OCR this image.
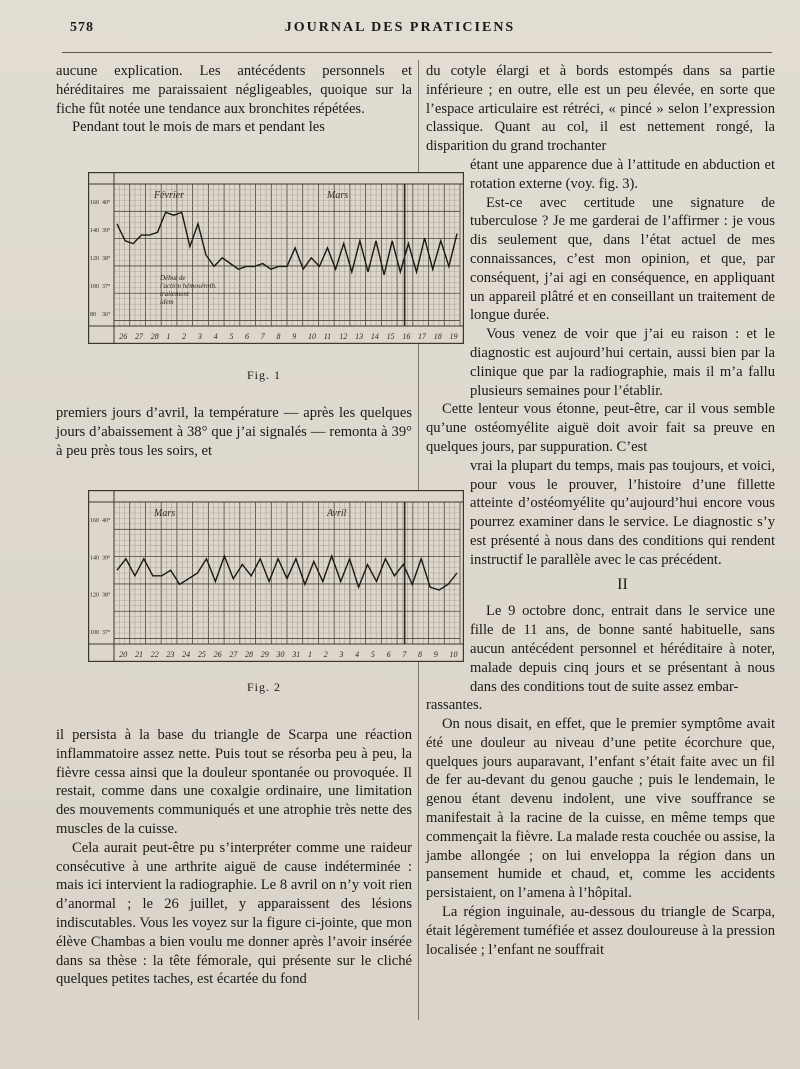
578	JOURNAL DES PRATICIENS

aucune explication. Les antécédents personnels et héréditaires me paraissaient négligeables, quoique sur la fiche fût notée une tendance aux bronchites répétées.

Pendant tout le mois de mars et pendant les

160
140
120
100
80
40°
39°
38°
37°
36°
26 27 28 1 2 3 4 5 6 7 8 9 10 11 12 13 14 15 16 17 18 19
Février	Mars
Début de
l'action hémoséroth.
traitement
idem
Fig. 1

premiers jours d’avril, la température — après les quelques jours d’abaissement à 38° que j’ai signalés — remonta à 39° à peu près tous les soirs, et

160
140
120
100
40°
39°
38°
37°
20 21 22 23 24 25 26 27 28 29 30 31 1 2 3 4 5 6 7 8 9 10
Mars	Avril
Fig. 2

il persista à la base du triangle de Scarpa une réaction inflammatoire assez nette. Puis tout se résorba peu à peu, la fièvre cessa ainsi que la douleur spontanée ou provoquée. Il restait, comme dans une coxalgie ordinaire, une limitation des mouvements communiqués et une atrophie très nette des muscles de la cuisse.

Cela aurait peut-être pu s’interpréter comme une raideur consécutive à une arthrite aiguë de cause indéterminée : mais ici intervient la radiographie. Le 8 avril on n’y voit rien d’anormal ; le 26 juillet, y apparaissent des lésions indiscutables. Vous les voyez sur la figure ci-jointe, que mon élève Chambas a bien voulu me donner après l’avoir insérée dans sa thèse : la tête fémorale, qui présente sur le cliché quelques petites taches, est écartée du fond

du cotyle élargi et à bords estompés dans sa partie inférieure ; en outre, elle est un peu élevée, en sorte que l’espace articulaire est rétréci, « pincé » selon l’expression classique. Quant au col, il est nettement rongé, la disparition du grand trochanter

étant une apparence due à l’attitude en abduction et rotation externe (voy. fig. 3).

Est-ce avec certitude une signature de tuberculose ? Je me garderai de l’affirmer : je vous dis seulement que, dans l’état actuel de mes connaissances, c’est mon opinion, et que, par conséquent, j’ai agi en conséquence, en appliquant un appareil plâtré et en conseillant un traitement de longue durée.

Vous venez de voir que j’ai eu raison : et le diagnostic est aujourd’hui certain, aussi bien par la clinique que par la radiographie, mais il m’a fallu plusieurs semaines pour l’établir.

Cette lenteur vous étonne, peut-être, car il vous semble qu’une ostéomyélite aiguë doit avoir fait sa preuve en quelques jours, par suppuration. C’est

vrai la plupart du temps, mais pas toujours, et voici, pour vous le prouver, l’histoire d’une fillette atteinte d’ostéomyélite qu’aujourd’hui encore vous pourrez examiner dans le service. Le diagnostic s’y est présenté à nous dans des conditions qui rendent instructif le parallèle avec le cas précédent.

II

Le 9 octobre donc, entrait dans le service une fille de 11 ans, de bonne santé habituelle, sans aucun antécédent personnel et héréditaire à noter, malade depuis cinq jours et se présentant à nous dans des conditions tout de suite assez embar-

rassantes.

On nous disait, en effet, que le premier symptôme avait été une douleur au niveau d’une petite écorchure que, quelques jours auparavant, l’enfant s’était faite avec un fil de fer au-devant du genou gauche ; puis le lendemain, le genou étant devenu indolent, une vive souffrance se manifestait à la racine de la cuisse, en même temps que commençait la fièvre. La malade resta couchée ou assise, la jambe allongée ; on lui enveloppa la région dans un pansement humide et chaud, et, comme les accidents persistaient, on l’amena à l’hôpital.

La région inguinale, au-dessous du triangle de Scarpa, était légèrement tuméfiée et assez douloureuse à la pression localisée ; l’enfant ne souffrait
